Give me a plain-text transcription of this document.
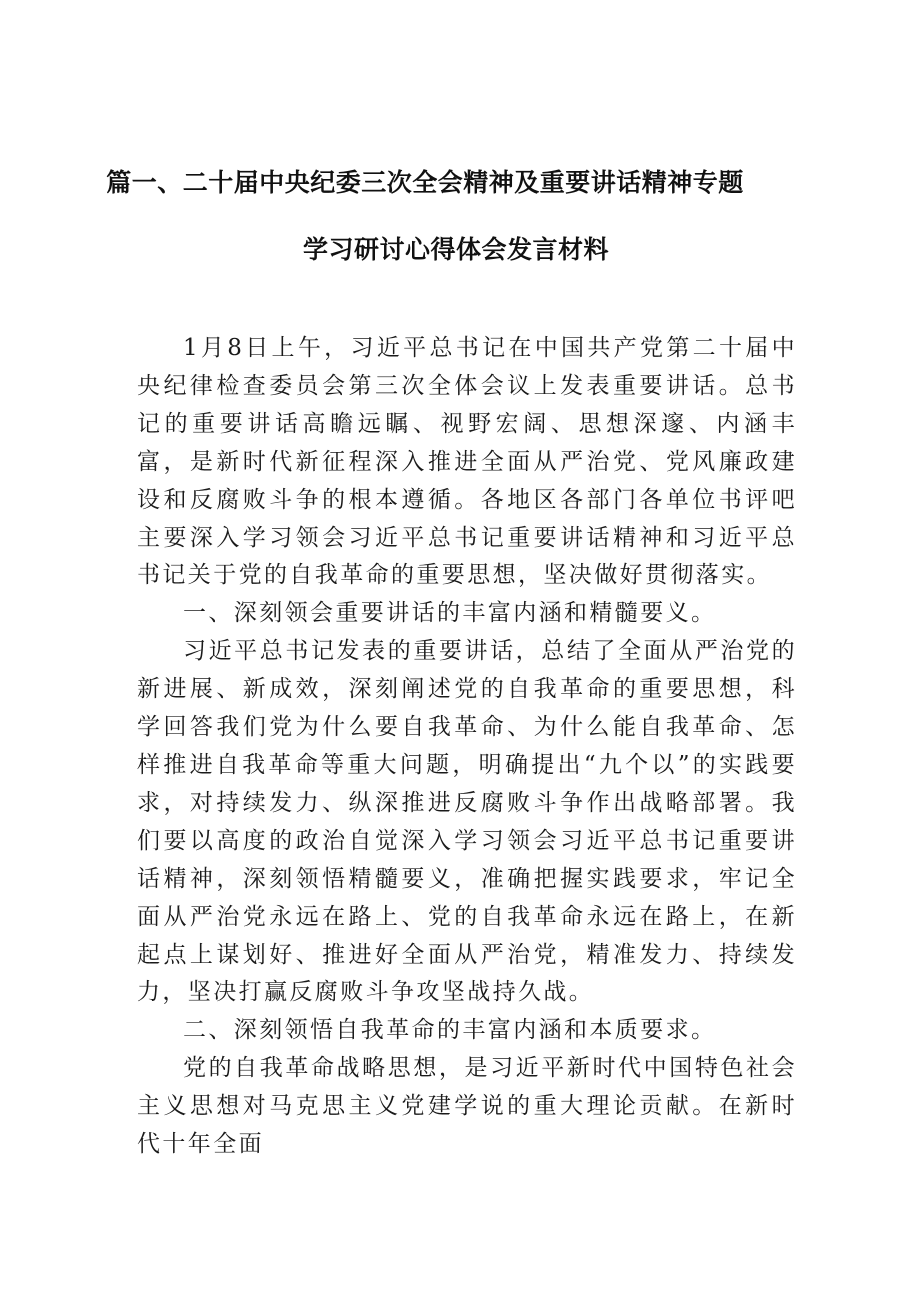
篇一、二十届中央纪委三次全会精神及重要讲话精神专题
学习研讨心得体会发言材料

1月8日上午，习近平总书记在中国共产党第二十届中央纪律检查委员会第三次全体会议上发表重要讲话。总书记的重要讲话高瞻远瞩、视野宏阔、思想深邃、内涵丰富，是新时代新征程深入推进全面从严治党、党风廉政建设和反腐败斗争的根本遵循。各地区各部门各单位书评吧主要深入学习领会习近平总书记重要讲话精神和习近平总书记关于党的自我革命的重要思想，坚决做好贯彻落实。

一、深刻领会重要讲话的丰富内涵和精髓要义。

习近平总书记发表的重要讲话，总结了全面从严治党的新进展、新成效，深刻阐述党的自我革命的重要思想，科学回答我们党为什么要自我革命、为什么能自我革命、怎样推进自我革命等重大问题，明确提出“九个以”的实践要求，对持续发力、纵深推进反腐败斗争作出战略部署。我们要以高度的政治自觉深入学习领会习近平总书记重要讲话精神，深刻领悟精髓要义，准确把握实践要求，牢记全面从严治党永远在路上、党的自我革命永远在路上，在新起点上谋划好、推进好全面从严治党，精准发力、持续发力，坚决打赢反腐败斗争攻坚战持久战。

二、深刻领悟自我革命的丰富内涵和本质要求。

党的自我革命战略思想，是习近平新时代中国特色社会主义思想对马克思主义党建学说的重大理论贡献。在新时代十年全面
